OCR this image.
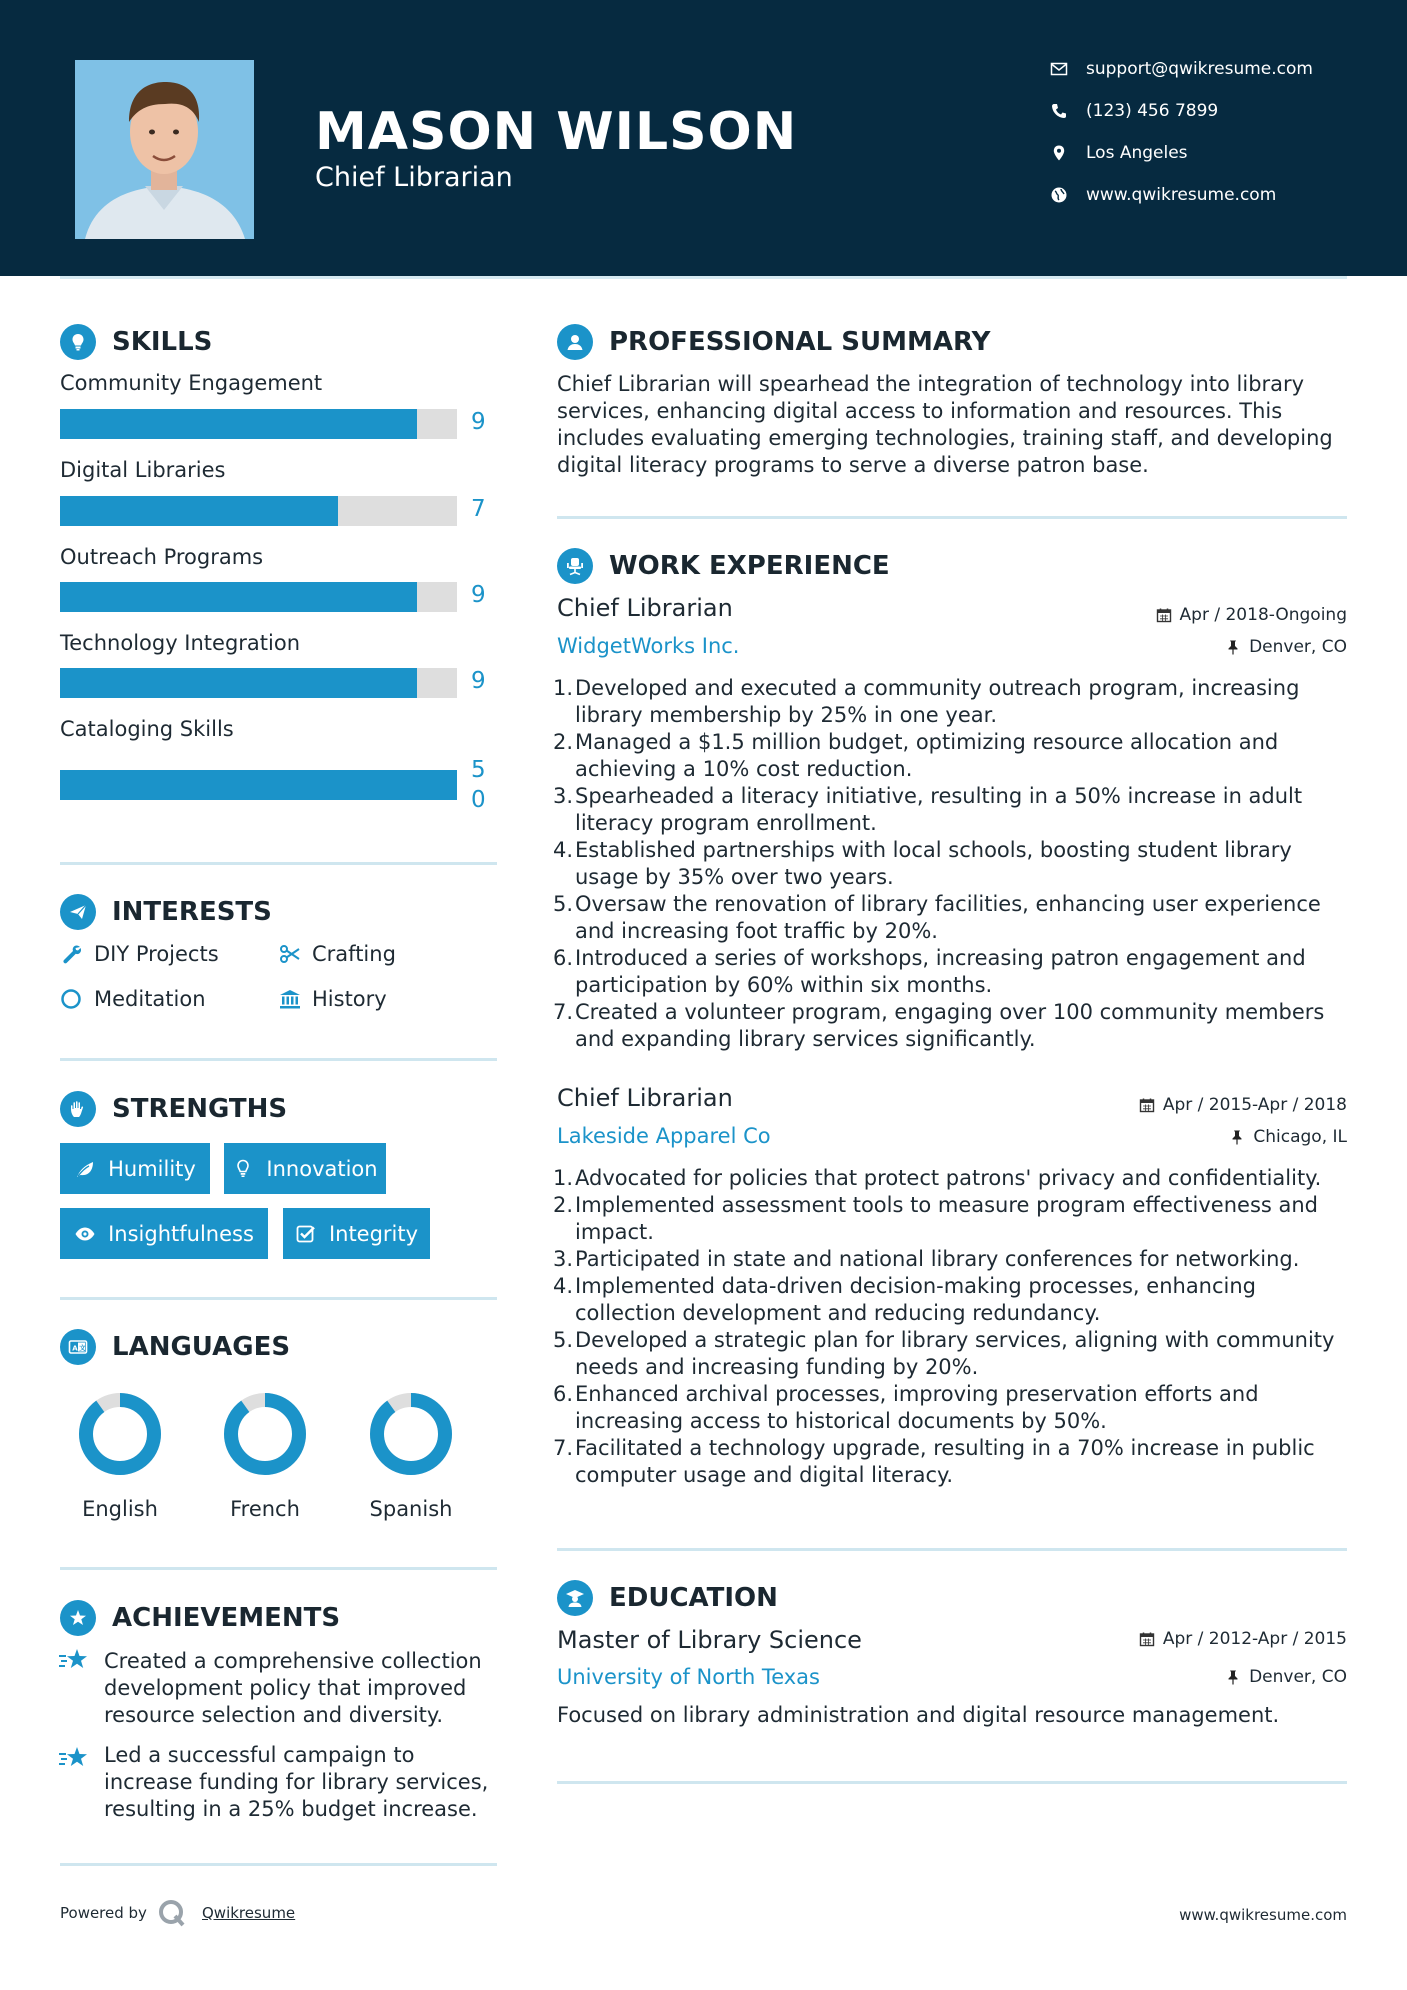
MASON WILSON
Chief Librarian
support@qwikresume.com
(123) 456 7899
Los Angeles
www.qwikresume.com
SKILLS
Community Engagement
9
Digital Libraries
7
Outreach Programs
9
Technology Integration
9
Cataloging Skills
50
INTERESTS
DIY Projects	Crafting
Meditation	History
STRENGTHS
Humility	Innovation
Insightfulness	Integrity
A 文 LANGUAGES
English	French	Spanish
ACHIEVEMENTS
Created a comprehensive collection development policy that improved resource selection and diversity.
Led a successful campaign to increase funding for library services, resulting in a 25% budget increase.
PROFESSIONAL SUMMARY
Chief Librarian will spearhead the integration of technology into library services, enhancing digital access to information and resources. This includes evaluating emerging technologies, training staff, and developing digital literacy programs to serve a diverse patron base.
WORK EXPERIENCE
Chief Librarian	Apr / 2018-Ongoing
WidgetWorks Inc.	Denver, CO
1. Developed and executed a community outreach program, increasing library membership by 25% in one year.
2. Managed a $1.5 million budget, optimizing resource allocation and achieving a 10% cost reduction.
3. Spearheaded a literacy initiative, resulting in a 50% increase in adult literacy program enrollment.
4. Established partnerships with local schools, boosting student library usage by 35% over two years.
5. Oversaw the renovation of library facilities, enhancing user experience and increasing foot traffic by 20%.
6. Introduced a series of workshops, increasing patron engagement and participation by 60% within six months.
7. Created a volunteer program, engaging over 100 community members and expanding library services significantly.
Chief Librarian	Apr / 2015-Apr / 2018
Lakeside Apparel Co	Chicago, IL
1. Advocated for policies that protect patrons' privacy and confidentiality.
2. Implemented assessment tools to measure program effectiveness and impact.
3. Participated in state and national library conferences for networking.
4. Implemented data-driven decision-making processes, enhancing collection development and reducing redundancy.
5. Developed a strategic plan for library services, aligning with community needs and increasing funding by 20%.
6. Enhanced archival processes, improving preservation efforts and increasing access to historical documents by 50%.
7. Facilitated a technology upgrade, resulting in a 70% increase in public computer usage and digital literacy.
EDUCATION
Master of Library Science	Apr / 2012-Apr / 2015
University of North Texas	Denver, CO
Focused on library administration and digital resource management.
Powered by	Qwikresume	www.qwikresume.com
